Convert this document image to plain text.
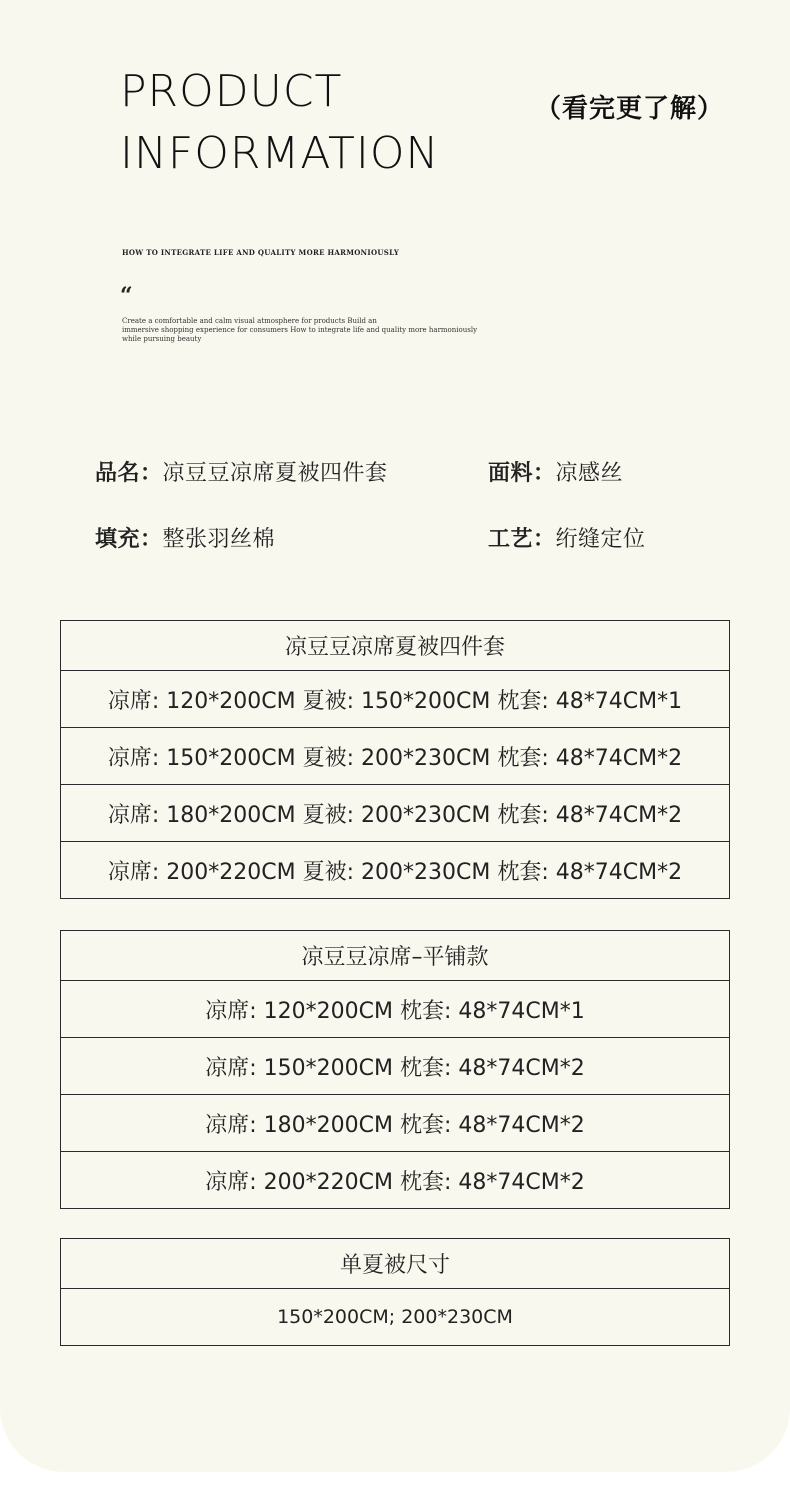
PRODUCT
INFORMATION
（看完更了解）
HOW TO INTEGRATE LIFE AND QUALITY MORE HARMONIOUSLY
“
Create a comfortable and calm visual atmosphere for products Build an
immersive shopping experience for consumers How to integrate life and quality more harmoniously
while pursuing beauty
品名：凉豆豆凉席夏被四件套	面料：凉感丝
填充：整张羽丝棉	工艺：绗缝定位
凉豆豆凉席夏被四件套
凉席: 120*200CM 夏被: 150*200CM 枕套: 48*74CM*1
凉席: 150*200CM 夏被: 200*230CM 枕套: 48*74CM*2
凉席: 180*200CM 夏被: 200*230CM 枕套: 48*74CM*2
凉席: 200*220CM 夏被: 200*230CM 枕套: 48*74CM*2
凉豆豆凉席–平铺款
凉席: 120*200CM 枕套: 48*74CM*1
凉席: 150*200CM 枕套: 48*74CM*2
凉席: 180*200CM 枕套: 48*74CM*2
凉席: 200*220CM 枕套: 48*74CM*2
单夏被尺寸
150*200CM; 200*230CM
